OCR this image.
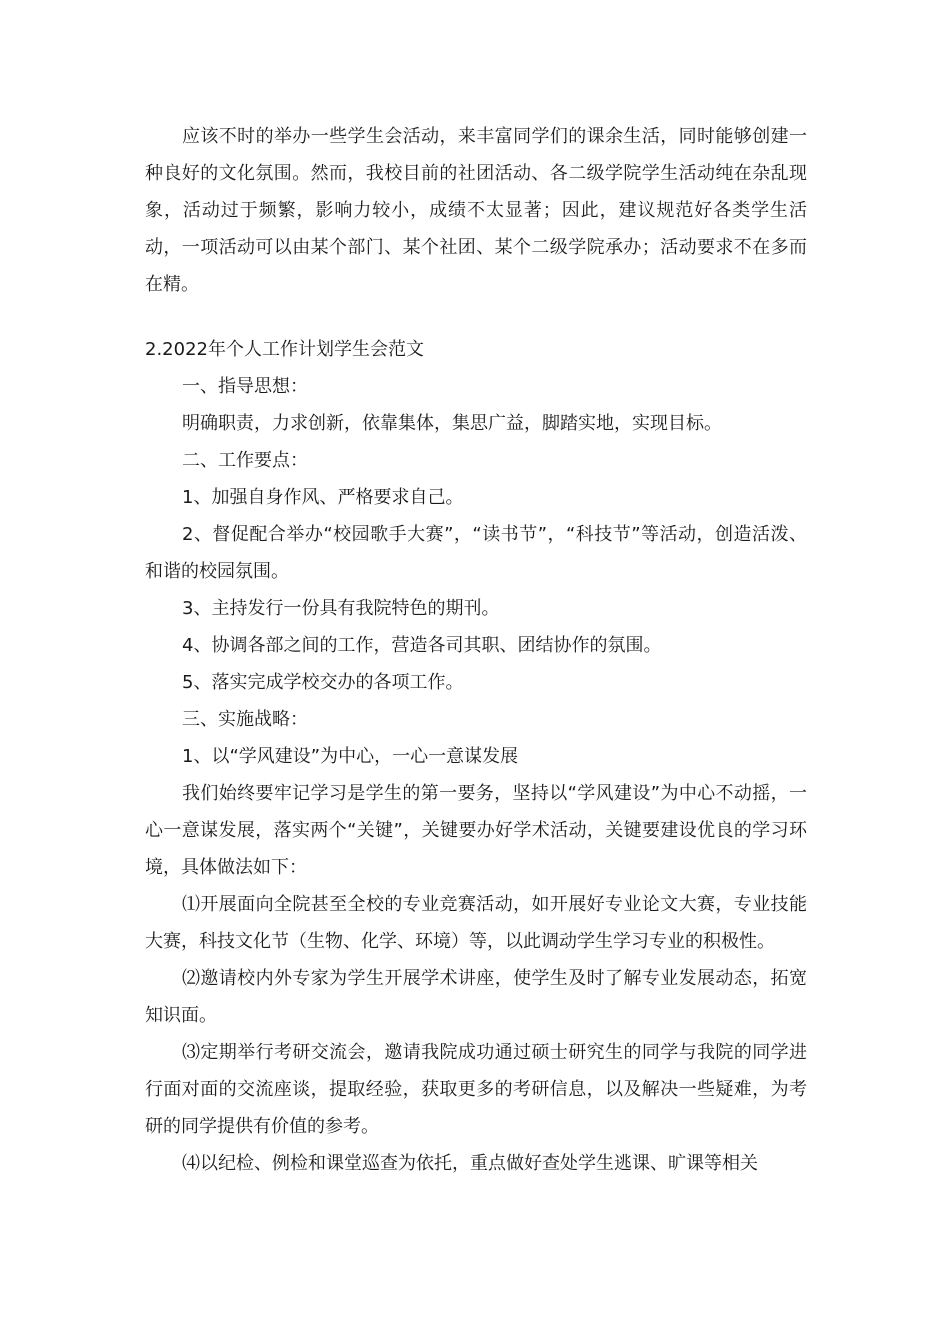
应该不时的举办一些学生会活动，来丰富同学们的课余生活，同时能够创建一种良好的文化氛围。然而，我校目前的社团活动、各二级学院学生活动纯在杂乱现象，活动过于频繁，影响力较小，成绩不太显著；因此，建议规范好各类学生活动，一项活动可以由某个部门、某个社团、某个二级学院承办；活动要求不在多而在精。

2.2022年个人工作计划学生会范文

一、指导思想：

明确职责，力求创新，依靠集体，集思广益，脚踏实地，实现目标。

二、工作要点：

1、加强自身作风、严格要求自己。

2、督促配合举办“校园歌手大赛”，“读书节”，“科技节”等活动，创造活泼、和谐的校园氛围。

3、主持发行一份具有我院特色的期刊。

4、协调各部之间的工作，营造各司其职、团结协作的氛围。

5、落实完成学校交办的各项工作。

三、实施战略：

1、以“学风建设”为中心，一心一意谋发展

我们始终要牢记学习是学生的第一要务，坚持以“学风建设”为中心不动摇，一心一意谋发展，落实两个“关键”，关键要办好学术活动，关键要建设优良的学习环境，具体做法如下：

⑴开展面向全院甚至全校的专业竞赛活动，如开展好专业论文大赛，专业技能大赛，科技文化节（生物、化学、环境）等，以此调动学生学习专业的积极性。

⑵邀请校内外专家为学生开展学术讲座，使学生及时了解专业发展动态，拓宽知识面。

⑶定期举行考研交流会，邀请我院成功通过硕士研究生的同学与我院的同学进行面对面的交流座谈，提取经验，获取更多的考研信息，以及解决一些疑难，为考研的同学提供有价值的参考。

⑷以纪检、例检和课堂巡查为依托，重点做好查处学生逃课、旷课等相关
